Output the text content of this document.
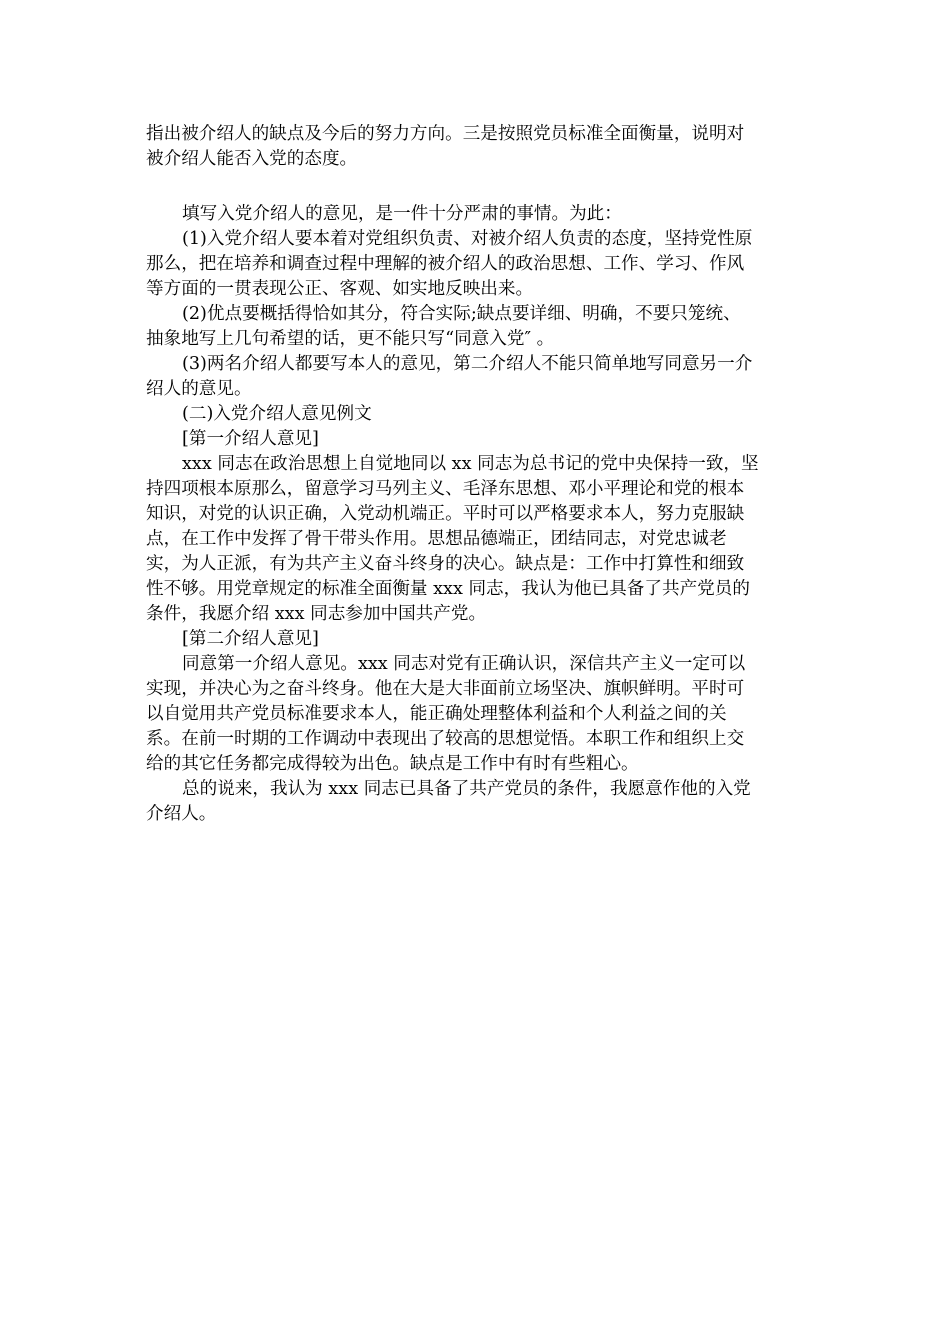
指出被介绍人的缺点及今后的努力方向。三是按照党员标准全面衡量，说明对
被介绍人能否入党的态度。
填写入党介绍人的意见，是一件十分严肃的事情。为此：
(1)入党介绍人要本着对党组织负责、对被介绍人负责的态度，坚持党性原
那么，把在培养和调查过程中理解的被介绍人的政治思想、工作、学习、作风
等方面的一贯表现公正、客观、如实地反映出来。
(2)优点要概括得恰如其分，符合实际;缺点要详细、明确，不要只笼统、
抽象地写上几句希望的话，更不能只写“同意入党″ 。
(3)两名介绍人都要写本人的意见，第二介绍人不能只简单地写同意另一介
绍人的意见。
(二)入党介绍人意见例文
[第一介绍人意见]
xxx 同志在政治思想上自觉地同以 xx 同志为总书记的党中央保持一致，坚
持四项根本原那么，留意学习马列主义、毛泽东思想、邓小平理论和党的根本
知识，对党的认识正确，入党动机端正。平时可以严格要求本人，努力克服缺
点，在工作中发挥了骨干带头作用。思想品德端正，团结同志，对党忠诚老
实，为人正派，有为共产主义奋斗终身的决心。缺点是：工作中打算性和细致
性不够。用党章规定的标准全面衡量 xxx 同志，我认为他已具备了共产党员的
条件，我愿介绍 xxx 同志参加中国共产党。
[第二介绍人意见]
同意第一介绍人意见。xxx 同志对党有正确认识，深信共产主义一定可以
实现，并决心为之奋斗终身。他在大是大非面前立场坚决、旗帜鲜明。平时可
以自觉用共产党员标准要求本人，能正确处理整体利益和个人利益之间的关
系。在前一时期的工作调动中表现出了较高的思想觉悟。本职工作和组织上交
给的其它任务都完成得较为出色。缺点是工作中有时有些粗心。
总的说来，我认为 xxx 同志已具备了共产党员的条件，我愿意作他的入党
介绍人。
